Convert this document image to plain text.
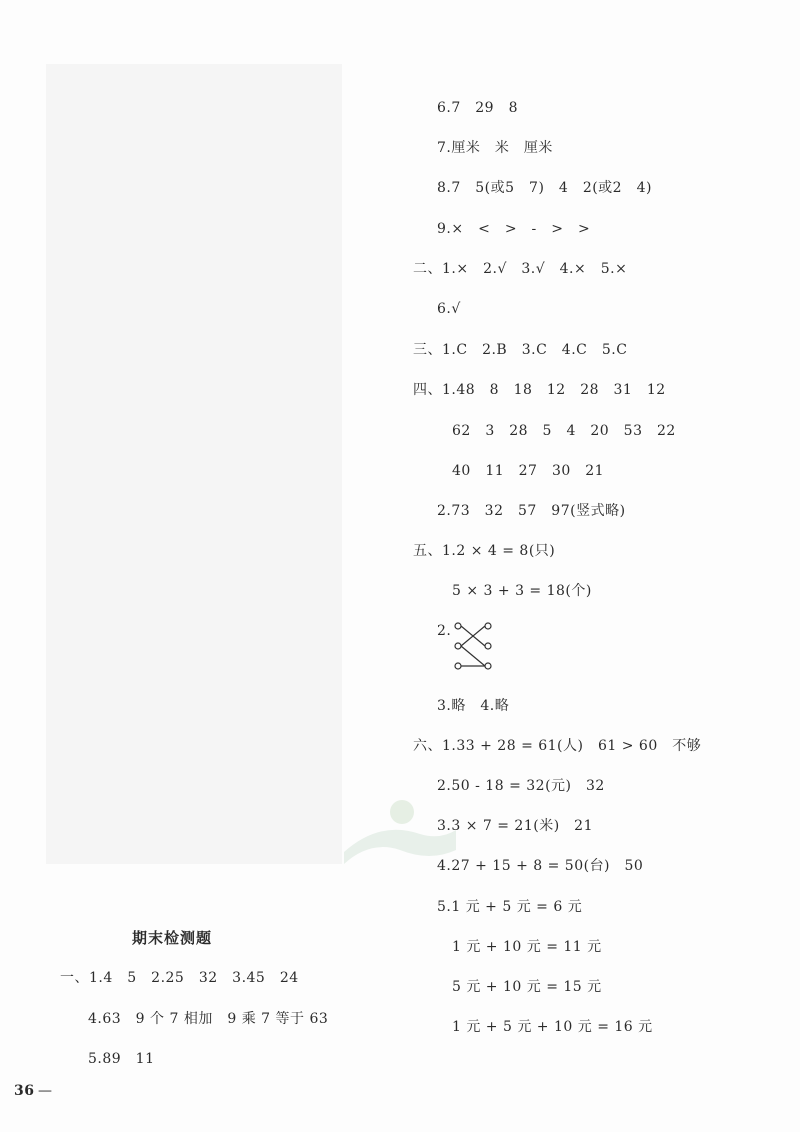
6.7　29　8
7.厘米　米　厘米
8.7　5(或5　7)　4　2(或2　4)
9.×　<　>　-　>　>
二、1.×　2.√　3.√　4.×　5.×
6.√
三、1.C　2.B　3.C　4.C　5.C
四、1.48　8　18　12　28　31　12
62　3　28　5　4　20　53　22
40　11　27　30　21
2.73　32　57　97(竖式略)
五、1.2 × 4 = 8(只)
5 × 3 + 3 = 18(个)
2.
3.略　4.略
六、1.33 + 28 = 61(人)　61 > 60　不够
2.50 - 18 = 32(元)　32
3.3 × 7 = 21(米)　21
4.27 + 15 + 8 = 50(台)　50
5.1 元 + 5 元 = 6 元
1 元 + 10 元 = 11 元
5 元 + 10 元 = 15 元
1 元 + 5 元 + 10 元 = 16 元
期末检测题
一、1.4　5　2.25　32　3.45　24
4.63　9 个 7 相加　9 乘 7 等于 63
5.89　11
36 —
